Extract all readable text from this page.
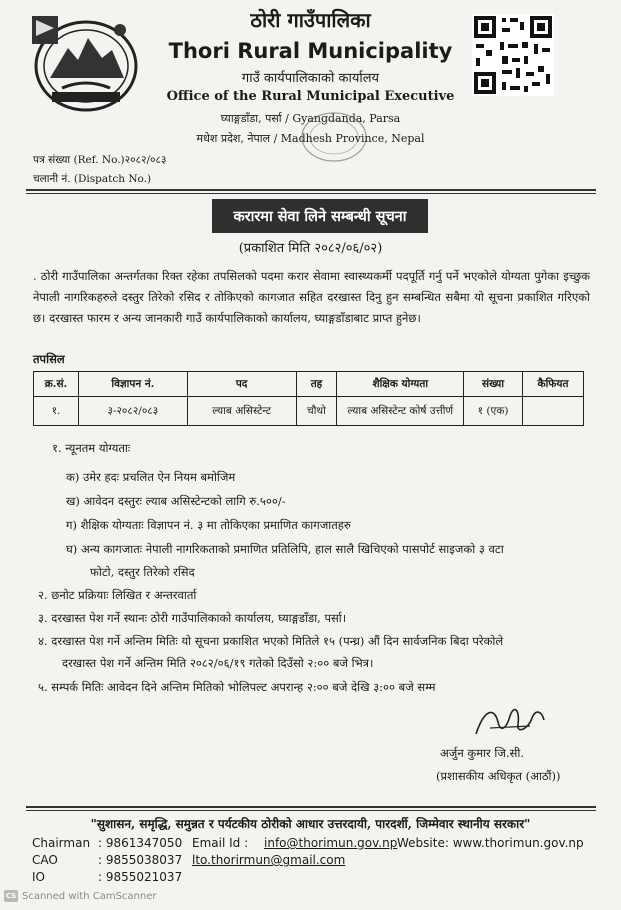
ठोरी गाउँपालिका
Thori Rural Municipality
गाउँ कार्यपालिकाको कार्यालय
Office of the Rural Municipal Executive
घ्याङ्गडाँडा, पर्सा / Gyangdanda, Parsa
मधेश प्रदेश, नेपाल / Madhesh Province, Nepal
पत्र संख्या (Ref. No.)२०८२/०८३
चलानी नं. (Dispatch No.)
करारमा सेवा लिने सम्बन्धी सूचना
(प्रकाशित मिति २०८२/०६/०२)
. ठोरी गाउँपालिका अन्तर्गतका रिक्त रहेका तपसिलको पदमा करार सेवामा स्वास्थ्यकर्मी पदपूर्ति गर्नु पर्ने भएकोले योग्यता पुगेका इच्छुक नेपाली नागरिकहरुले दस्तुर तिरेको रसिद र तोकिएको कागजात सहित दरखास्त दिनु हुन सम्बन्धित सबैमा यो सूचना प्रकाशित गरिएको छ। दरखास्त फारम र अन्य जानकारी गाउँ कार्यपालिकाको कार्यालय, घ्याङ्गडाँडाबाट प्राप्त हुनेछ।
तपसिल
क्र.सं.	विज्ञापन नं.	पद	तह	शैक्षिक योग्यता	संख्या	कैफियत
१.	३-२०८२/०८३	ल्याब असिस्टेन्ट	चौथो	ल्याब असिस्टेन्ट कोर्ष उत्तीर्ण	१ (एक)	
१. न्यूनतम योग्यताः
क) उमेर हदः प्रचलित ऐन नियम बमोजिम
ख) आवेदन दस्तुरः ल्याब असिस्टेन्टको लागि रु.५००/-
ग) शैक्षिक योग्यताः विज्ञापन नं. ३ मा तोकिएका प्रमाणित कागजातहरु
घ) अन्य कागजातः नेपाली नागरिकताको प्रमाणित प्रतिलिपि, हाल सालै खिचिएको पासपोर्ट साइजको ३ वटा
फोटो, दस्तुर तिरेको रसिद
२. छनोट प्रक्रियाः लिखित र अन्तरवार्ता
३. दरखास्त पेश गर्ने स्थानः ठोरी गाउँपालिकाको कार्यालय, घ्याङ्गडाँडा, पर्सा।
४. दरखास्त पेश गर्ने अन्तिम मितिः यो सूचना प्रकाशित भएको मितिले १५ (पन्ध्र) औं दिन सार्वजनिक बिदा परेकोले
दरखास्त पेश गर्ने अन्तिम मिति २०८२/०६/१९ गतेको दिउँसो २:०० बजे भित्र।
५. सम्पर्क मितिः आवेदन दिने अन्तिम मितिको भोलिपल्ट अपरान्ह २:०० बजे देखि ३:०० बजे सम्म
अर्जुन कुमार जि.सी.
(प्रशासकीय अधिकृत (आठौं))
"सुशासन, समृद्धि, समुन्नत र पर्यटकीय ठोरीको आधार उत्तरदायी, पारदर्शी, जिम्मेवार स्थानीय सरकार"
Chairman : 9861347050
CAO	: 9855038037
IO	: 9855021037
Email Id : info@thorimun.gov.np
lto.thorirmun@gmail.com
Website: www.thorimun.gov.np
CS Scanned with CamScanner
